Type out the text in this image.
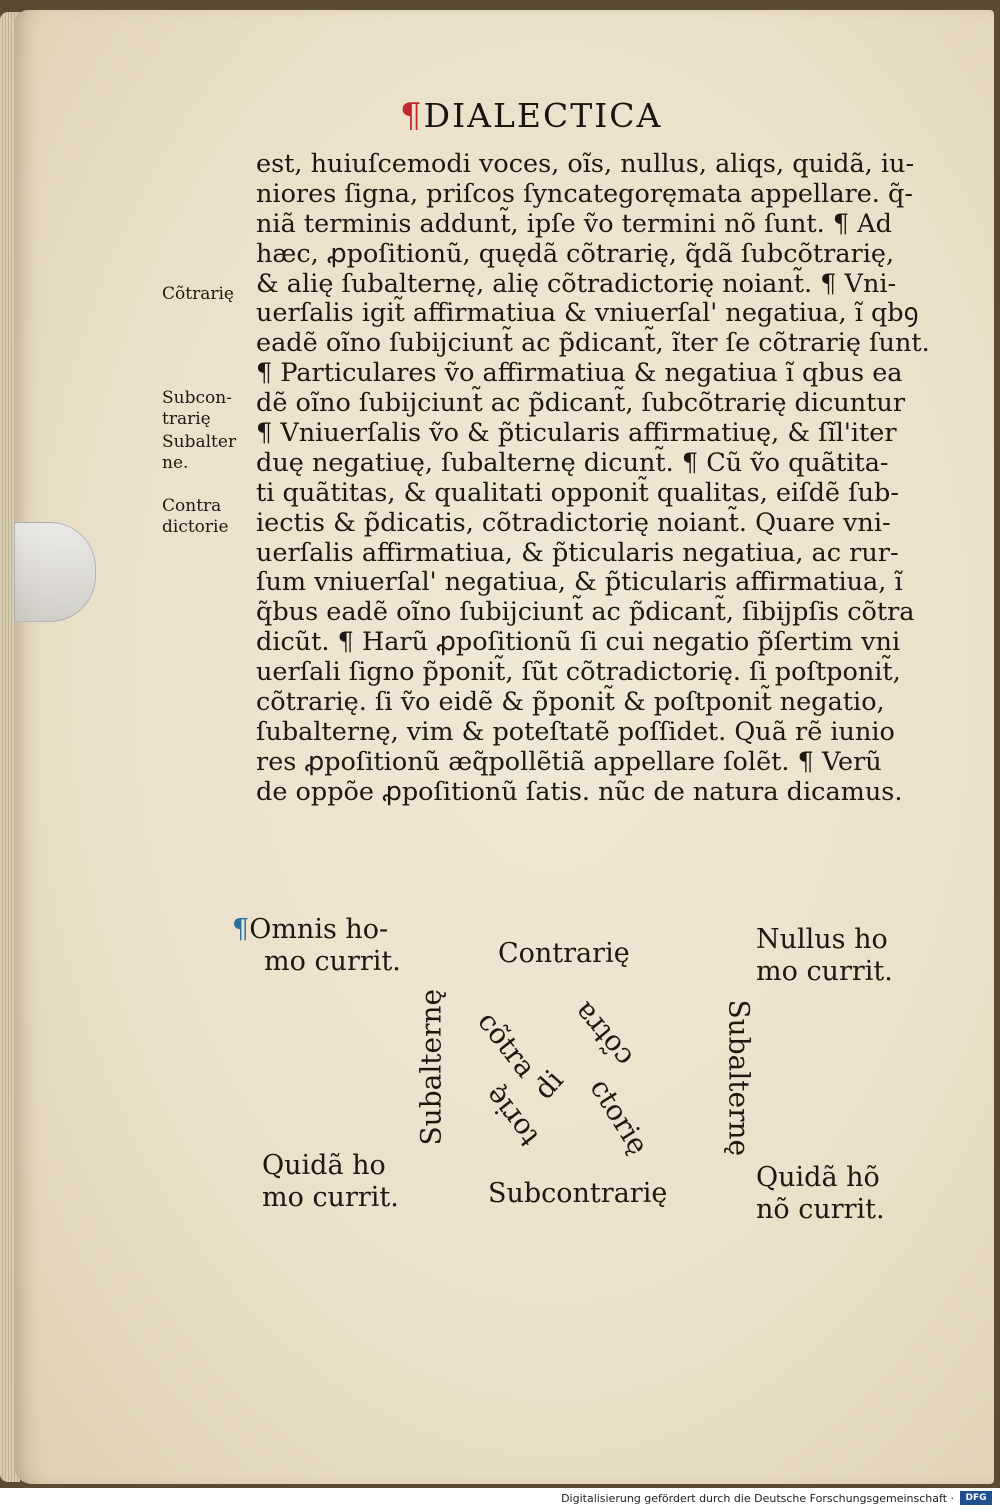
¶DIALECTICA
est, huiuſcemodi voces, oĩs, nullus, aliqs, quidã, iu-
niores ſigna, priſcos ſyncategoręmata appellare. q̃-
niã terminis addunt̃, ipſe ṽo termini nõ ſunt. ¶ Ad
hæc, ꝓpoſitionũ, quędã cõtrarię, q̃dã ſubcõtrarię,
& alię ſubalternę, alię cõtradictorię noiant̃. ¶ Vni-
uerſalis igit̃ affirmatiua & vniuerſal' negatiua, ĩ qbꝯ
eadẽ oĩno ſubijciunt̃ ac p̃dicant̃, ĩter ſe cõtrarię ſunt.
¶ Particulares ṽo affirmatiua & negatiua ĩ qbus ea
dẽ oĩno ſubijciunt̃ ac p̃dicant̃, ſubcõtrarię dicuntur
¶ Vniuerſalis ṽo & p̃ticularis affirmatiuę, & ſĩl'iter
duę negatiuę, ſubalternę dicunt̃. ¶ Cũ ṽo quãtita-
ti quãtitas, & qualitati opponit̃ qualitas, eiſdẽ ſub-
iectis & p̃dicatis, cõtradictorię noiant̃. Quare vni-
uerſalis affirmatiua, & p̃ticularis negatiua, ac rur-
ſum vniuerſal' negatiua, & p̃ticularis affirmatiua, ĩ
q̃bus eadẽ oĩno ſubijciunt̃ ac p̃dicant̃, ſibijpſis cõtra
dicũt. ¶ Harũ ꝓpoſitionũ ſi cui negatio p̃ſertim vni
uerſali ſigno p̃ponit̃, ſũt cõtradictorię. ſi poſtponit̃,
cõtrarię. ſi ṽo eidẽ & p̃ponit̃ & poſtponit̃ negatio,
ſubalternę, vim & poteſtatẽ poſſidet. Quã rẽ iunio
res ꝓpoſitionũ æq̃pollẽtiã appellare ſolẽt. ¶ Verũ
de oppõe ꝓpoſitionũ ſatis. nũc de natura dicamus.
Cõtrarię
Subcon-
trarię
Subalter
ne.
Contra
dictorie
¶Omnis ho-
mo currit.
Nullus ho
mo currit.
Quidã ho
mo currit.
Quidã hõ
nõ currit.
Contrarię
Subcontrarię
Subalternę	Subalternę
cõtra
di ctorię
cõtra
torię
Digitalisierung gefördert durch die Deutsche Forschungsgemeinschaft ·	DFG
